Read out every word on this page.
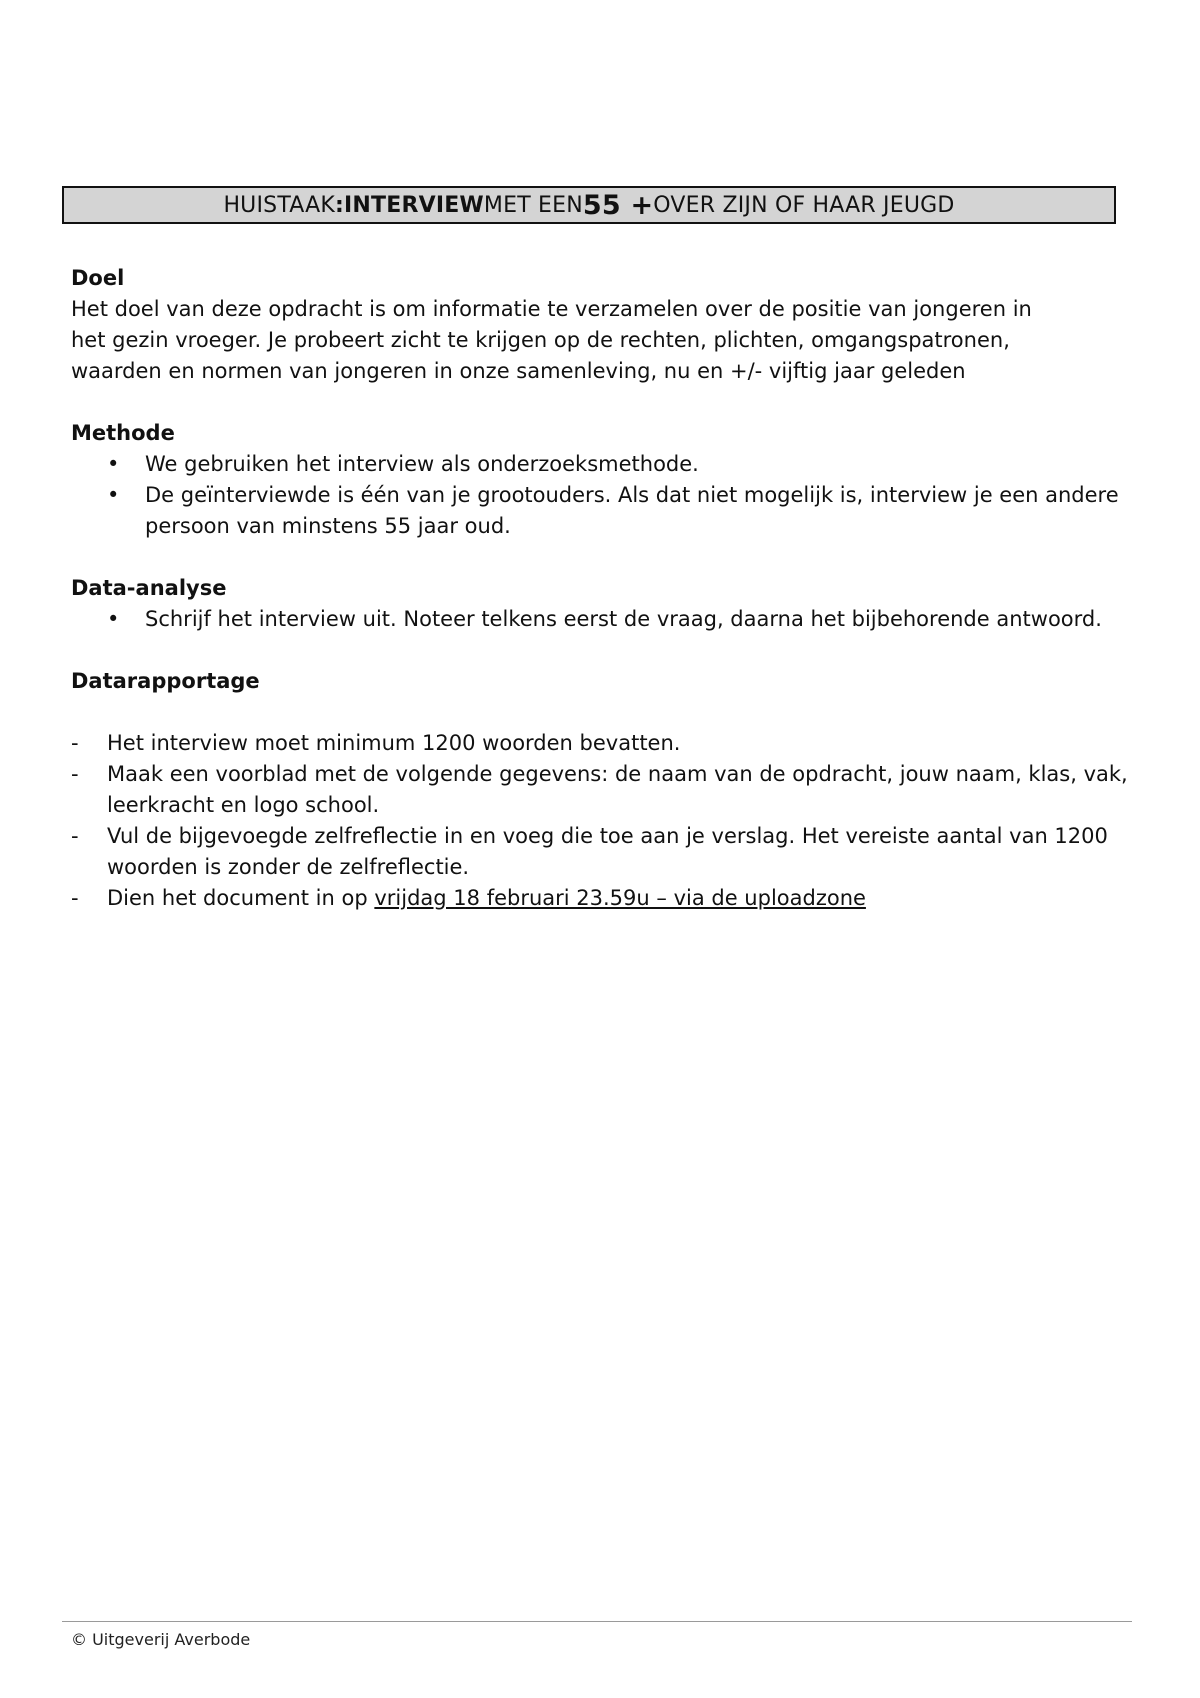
HUISTAAK : INTERVIEW MET EEN 55 + OVER ZIJN OF HAAR JEUGD

Doel

Het doel van deze opdracht is om informatie te verzamelen over de positie van jongeren in

het gezin vroeger. Je probeert zicht te krijgen op de rechten, plichten, omgangspatronen,

waarden en normen van jongeren in onze samenleving, nu en +/- vijftig jaar geleden

Methode

• We gebruiken het interview als onderzoeksmethode.
• De geïnterviewde is één van je grootouders. Als dat niet mogelijk is, interview je een andere persoon van minstens 55 jaar oud.

Data-analyse

• Schrijf het interview uit. Noteer telkens eerst de vraag, daarna het bijbehorende antwoord.

Datarapportage

- Het interview moet minimum 1200 woorden bevatten.
- Maak een voorblad met de volgende gegevens: de naam van de opdracht, jouw naam, klas, vak, leerkracht en logo school.
- Vul de bijgevoegde zelfreflectie in en voeg die toe aan je verslag. Het vereiste aantal van 1200 woorden is zonder de zelfreflectie.
- Dien het document in op vrijdag 18 februari 23.59u – via de uploadzone
© Uitgeverij Averbode
